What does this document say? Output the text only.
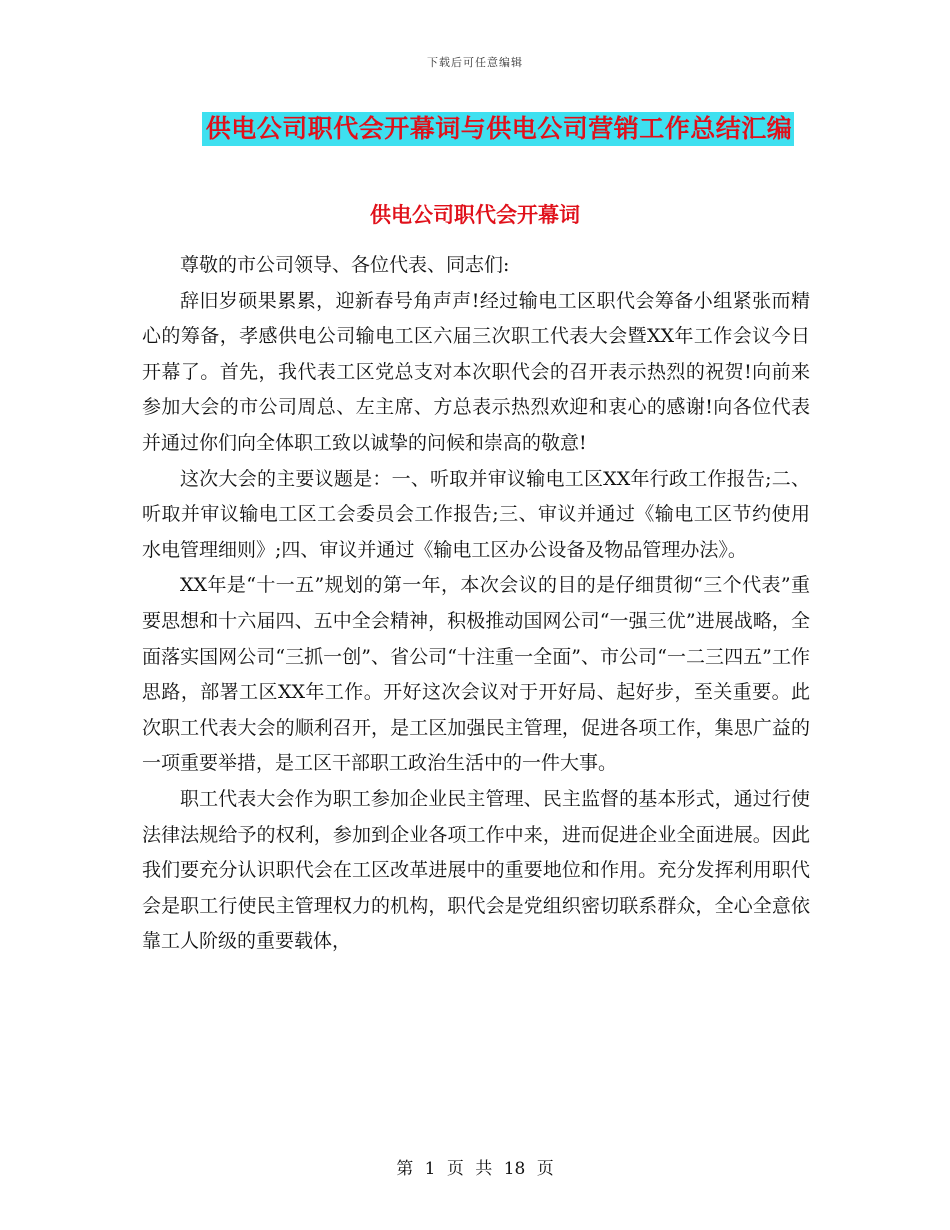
下载后可任意编辑
供电公司职代会开幕词与供电公司营销工作总结汇编
供电公司职代会开幕词

尊敬的市公司领导、各位代表、同志们:

辞旧岁硕果累累，迎新春号角声声!经过输电工区职代会筹备小组紧张而精心的筹备，孝感供电公司输电工区六届三次职工代表大会暨XX年工作会议今日开幕了。首先，我代表工区党总支对本次职代会的召开表示热烈的祝贺!向前来参加大会的市公司周总、左主席、方总表示热烈欢迎和衷心的感谢!向各位代表并通过你们向全体职工致以诚挚的问候和崇高的敬意!

这次大会的主要议题是：一、听取并审议输电工区XX年行政工作报告;二、听取并审议输电工区工会委员会工作报告;三、审议并通过《输电工区节约使用水电管理细则》;四、审议并通过《输电工区办公设备及物品管理办法》。

XX年是“十一五”规划的第一年，本次会议的目的是仔细贯彻“三个代表”重要思想和十六届四、五中全会精神，积极推动国网公司“一强三优”进展战略，全面落实国网公司“三抓一创”、省公司“十注重一全面”、市公司“一二三四五”工作思路，部署工区XX年工作。开好这次会议对于开好局、起好步，至关重要。此次职工代表大会的顺利召开，是工区加强民主管理，促进各项工作，集思广益的一项重要举措，是工区干部职工政治生活中的一件大事。

职工代表大会作为职工参加企业民主管理、民主监督的基本形式，通过行使法律法规给予的权利，参加到企业各项工作中来，进而促进企业全面进展。因此我们要充分认识职代会在工区改革进展中的重要地位和作用。充分发挥利用职代会是职工行使民主管理权力的机构，职代会是党组织密切联系群众，全心全意依靠工人阶级的重要载体，

第 1 页 共 18 页
